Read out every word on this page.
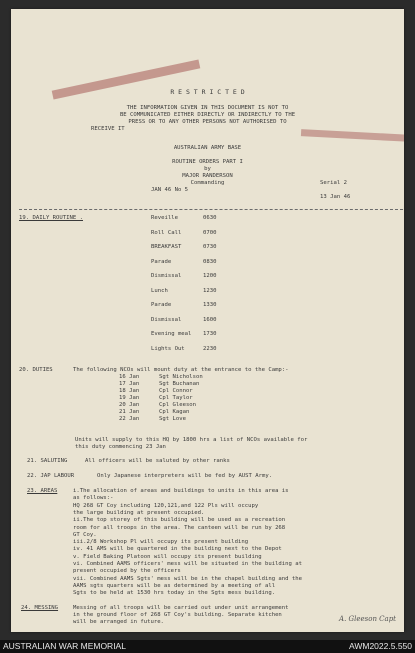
R E S T R I C T E D
THE INFORMATION GIVEN IN THIS DOCUMENT IS NOT TO
BE COMMUNICATED EITHER DIRECTLY OR INDIRECTLY TO THE
PRESS OR TO ANY OTHER PERSONS NOT AUTHORISED TO
RECEIVE IT
AUSTRALIAN ARMY BASE
ROUTINE ORDERS PART I
by
MAJOR RANDERSON
Commanding
JAN 46 No 5
Serial 2
13 Jan 46
19. DAILY ROUTINE .	Reveille	0630
Roll Call	0700
BREAKFAST	0730
Parade	0830
Dismissal	1200
Lunch	1230
Parade	1330
Dismissal	1600
Evening meal 1730
Lights Out	2230
20. DUTIES	The following NCOs will mount duty at the entrance to the Camp:-
16 Jan	Sgt Nicholson
17 Jan	Sgt Buchanan
18 Jan	Cpl Connor
19 Jan	Cpl Taylor
20 Jan	Cpl Gleeson
21 Jan	Cpl Kagan
22 Jan	Sgt Love
Units will supply to this HQ by 1800 hrs a list of NCOs available for
this duty commencing 23 Jan
21. SALUTING	All officers will be saluted by other ranks
22. JAP LABOUR	Only Japanese interpreters will be fed by AUST Army.
23. AREAS	i.The allocation of areas and buildings to units in this area is
as follows:-
HQ 268 GT Coy including 120,121,and 122 Pls will occupy
the large building at present occupied.
ii.The top storey of this building will be used as a recreation
room for all troops in the area. The canteen will be run by 268
GT Coy.
iii.2/8 Workshop Pl will occupy its present building
iv. 41 AMS will be quartered in the building next to the Depot
v. Field Baking Platoon will occupy its present building
vi. Combined AAMS officers' mess will be situated in the building at
present occupied by the officers
vii. Combined AAMS Sgts' mess will be in the chapel building and the
AAMS sgts quarters will be as determined by a meeting of all
Sgts to be held at 1530 hrs today in the Sgts mess building.
24. MESSING	Messing of all troops will be carried out under unit arrangement
in the ground floor of 268 GT Coy's building. Separate kitchen
will be arranged in future.	A. Gleeson Capt
AUSTRALIAN WAR MEMORIAL	AWM2022.5.550
